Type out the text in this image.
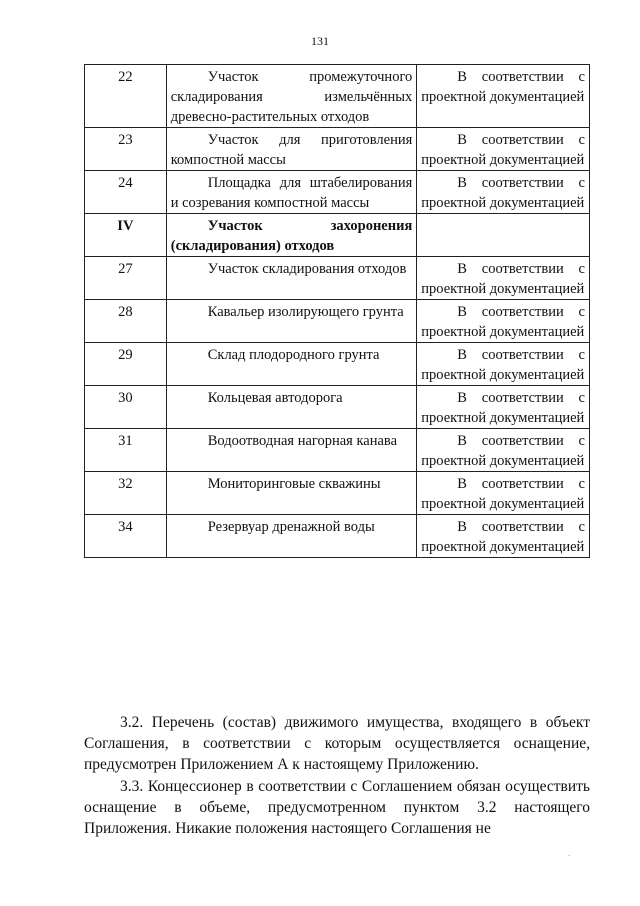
131
22	Участок промежуточного складирования измельчённых древесно-растительных отходов	В соответствии с проектной документацией
23	Участок для приготовления компостной массы	В соответствии с проектной документацией
24	Площадка для штабелирования и созревания компостной массы	В соответствии с проектной документацией
IV	Участок захоронения (складирования) отходов	
27	Участок складирования отходов	В соответствии с проектной документацией
28	Кавальер изолирующего грунта	В соответствии с проектной документацией
29	Склад плодородного грунта	В соответствии с проектной документацией
30	Кольцевая автодорога	В соответствии с проектной документацией
31	Водоотводная нагорная канава	В соответствии с проектной документацией
32	Мониторинговые скважины	В соответствии с проектной документацией
34	Резервуар дренажной воды	В соответствии с проектной документацией

3.2. Перечень (состав) движимого имущества, входящего в объект Соглашения, в соответствии с которым осуществляется оснащение, предусмотрен Приложением А к настоящему Приложению.

3.3. Концессионер в соответствии с Соглашением обязан осуществить оснащение в объеме, предусмотренном пунктом 3.2 настоящего Приложения. Никакие положения настоящего Соглашения не

.
